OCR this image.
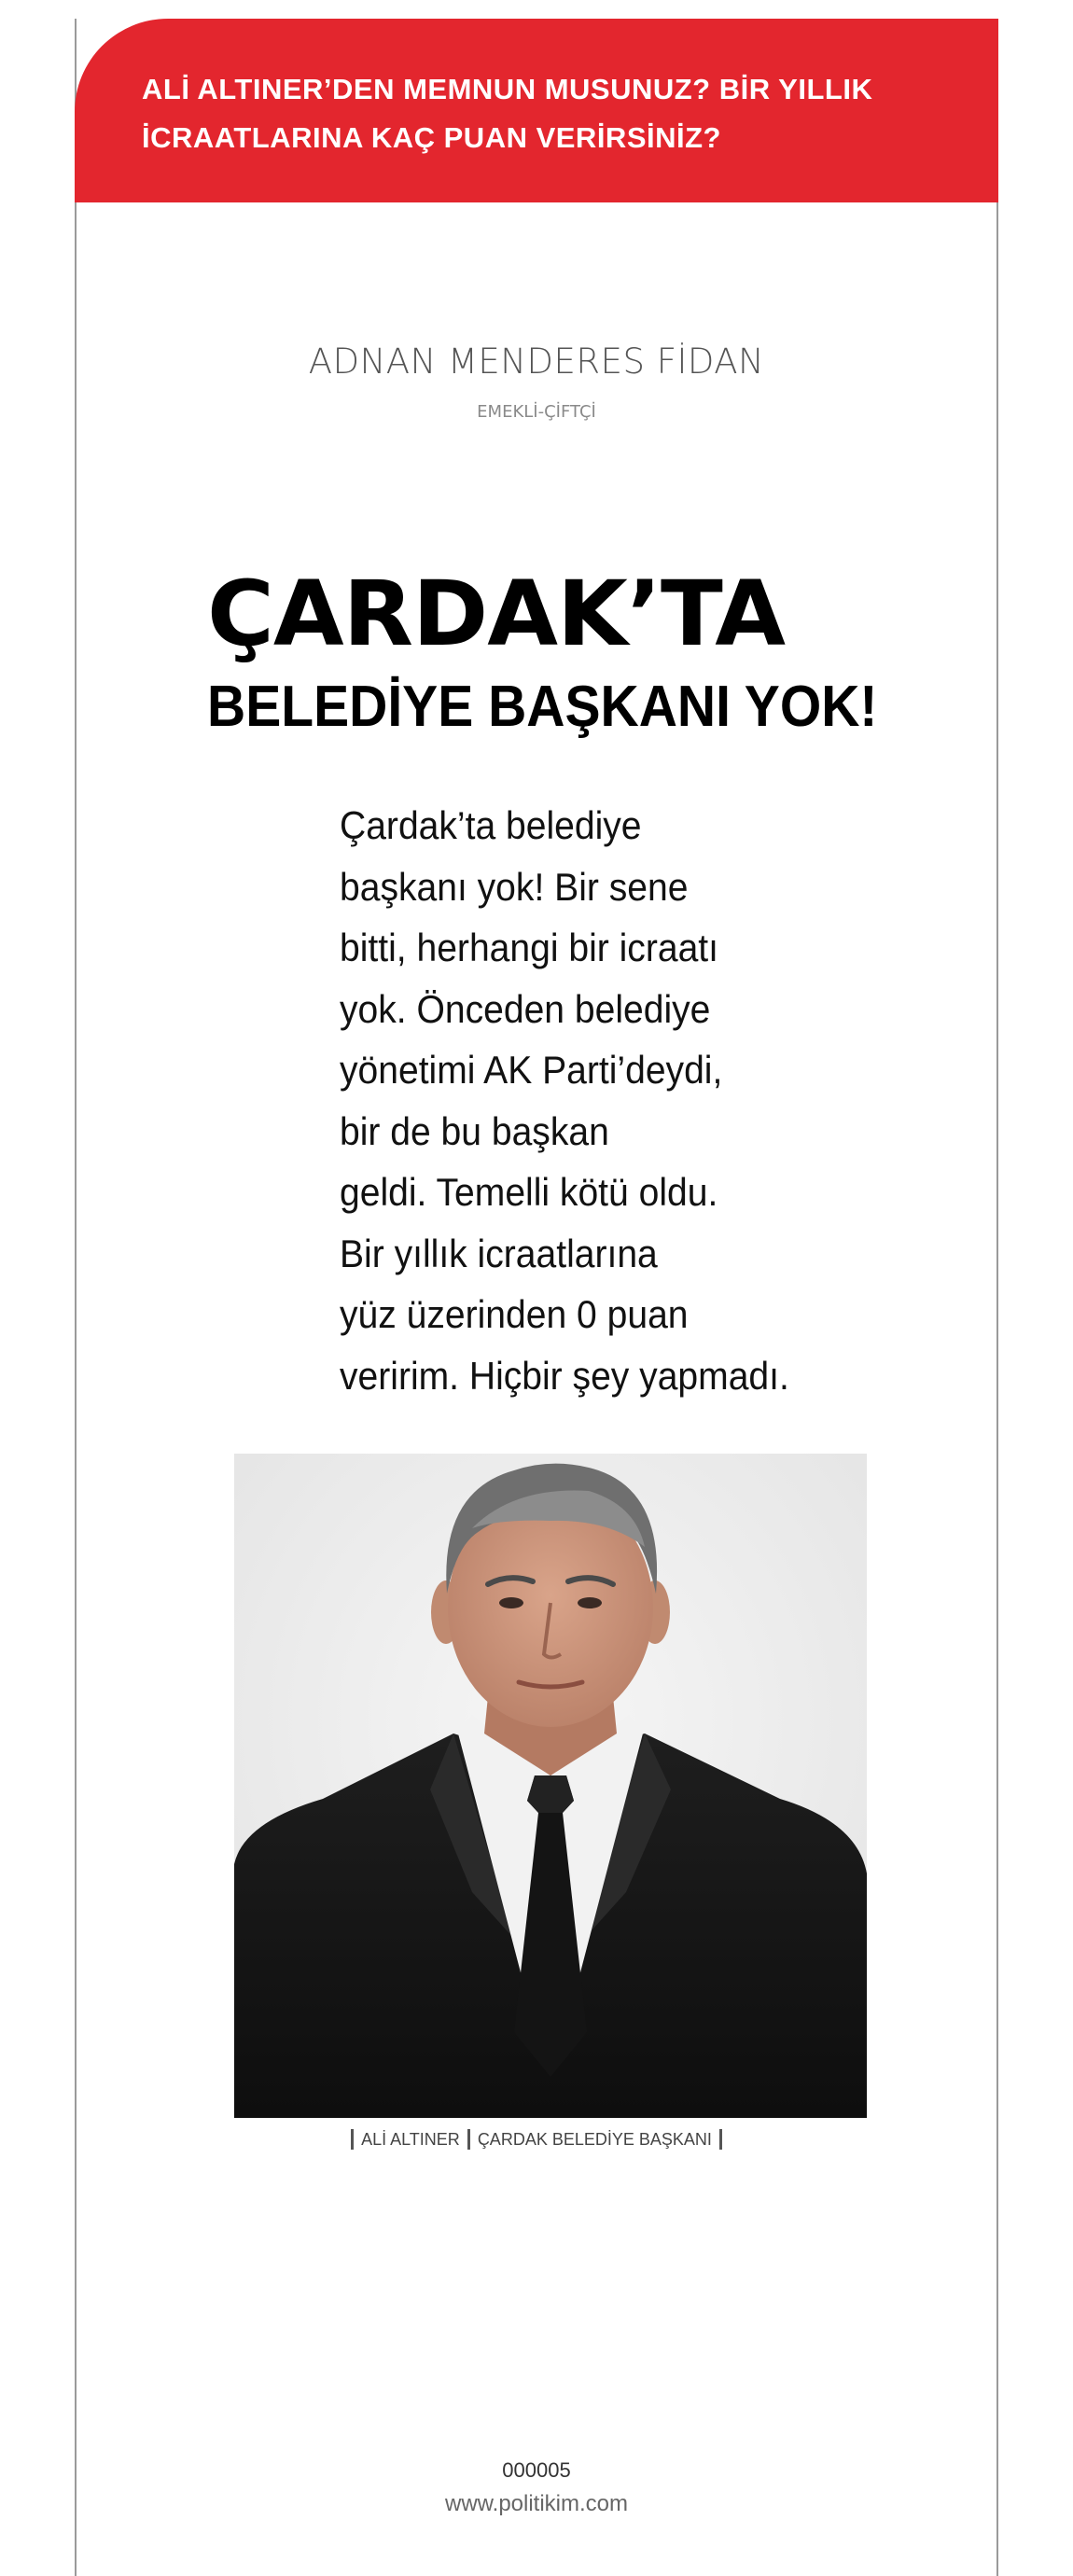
ALİ ALTINER’DEN MEMNUN MUSUNUZ? BİR YILLIK
İCRAATLARINA KAÇ PUAN VERİRSİNİZ?
ADNAN MENDERES FİDAN
EMEKLİ-ÇİFTÇİ
ÇARDAK’TA
BELEDİYE BAŞKANI YOK!
Çardak’ta belediye
başkanı yok! Bir sene
bitti, herhangi bir icraatı
yok. Önceden belediye
yönetimi AK Parti’deydi,
bir de bu başkan
geldi. Temelli kötü oldu.
Bir yıllık icraatlarına
yüz üzerinden 0 puan
veririm. Hiçbir şey yapmadı.
ALİ ALTINER ÇARDAK BELEDİYE BAŞKANI
000005
www.politikim.com
